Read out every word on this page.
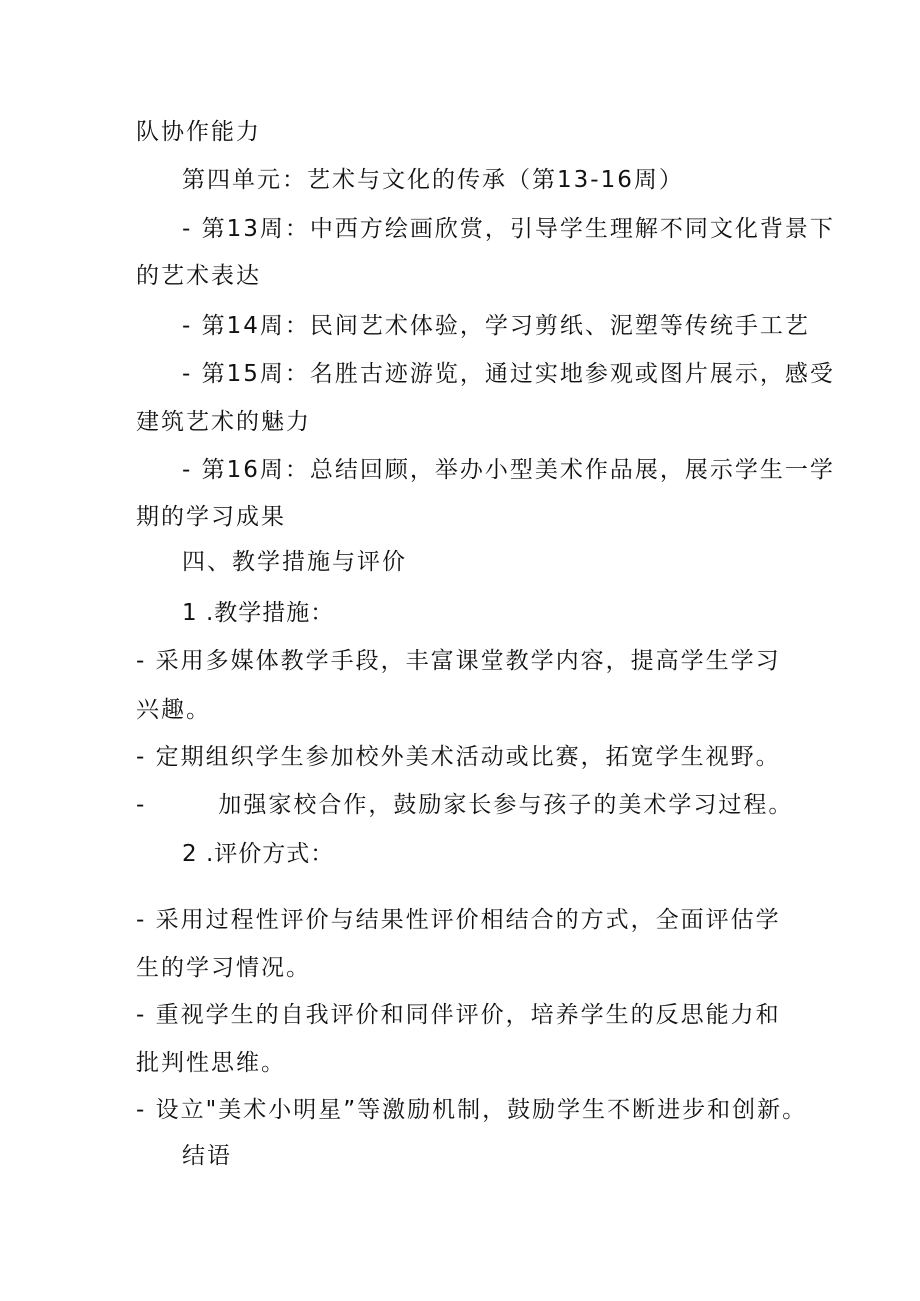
队协作能力
第四单元：艺术与文化的传承（第13-16周）
- 第13周：中西方绘画欣赏，引导学生理解不同文化背景下
的艺术表达
- 第14周：民间艺术体验，学习剪纸、泥塑等传统手工艺
- 第15周：名胜古迹游览，通过实地参观或图片展示，感受
建筑艺术的魅力
- 第16周：总结回顾，举办小型美术作品展，展示学生一学
期的学习成果
四、教学措施与评价
1 .教学措施：
- 采用多媒体教学手段，丰富课堂教学内容，提高学生学习
兴趣。
- 定期组织学生参加校外美术活动或比赛，拓宽学生视野。
-	加强家校合作，鼓励家长参与孩子的美术学习过程。
2 .评价方式：
- 采用过程性评价与结果性评价相结合的方式，全面评估学
生的学习情况。
- 重视学生的自我评价和同伴评价，培养学生的反思能力和
批判性思维。
- 设立"美术小明星”等激励机制，鼓励学生不断进步和创新。
结语
